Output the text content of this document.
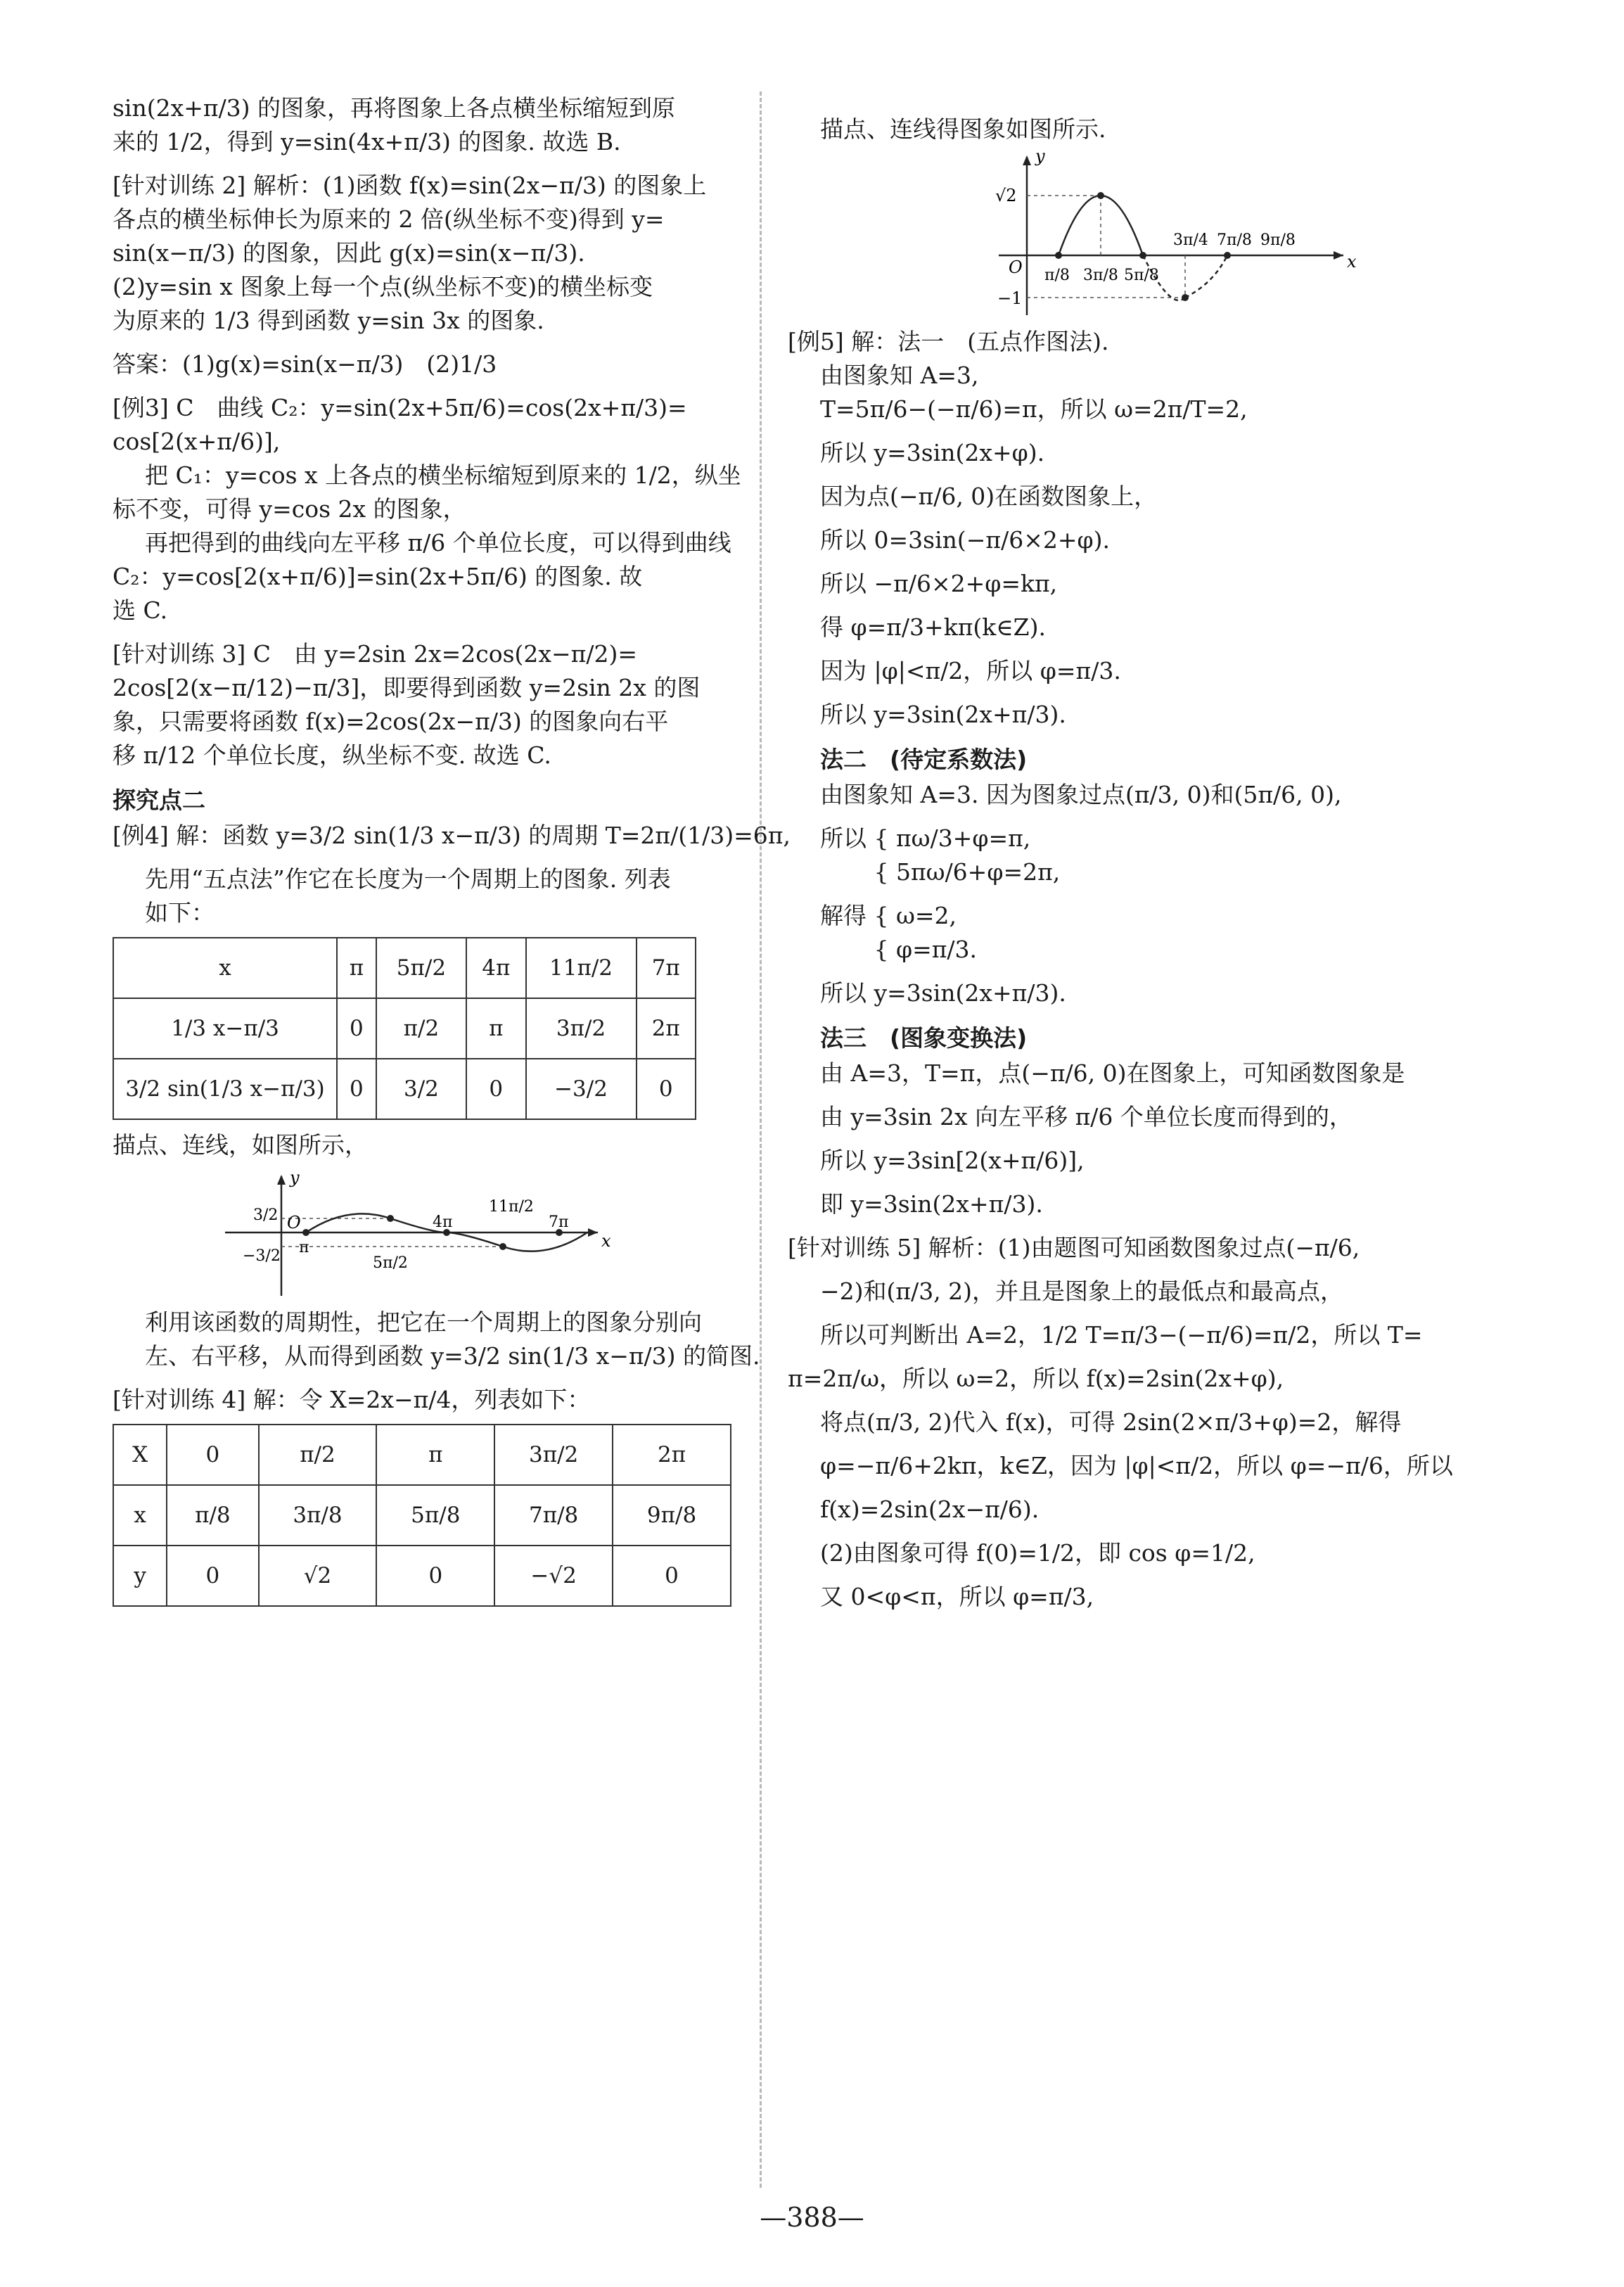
sin(2x+π/3) 的图象，再将图象上各点横坐标缩短到原

来的 1/2，得到 y=sin(4x+π/3) 的图象. 故选 B.

[针对训练 2] 解析：(1)函数 f(x)=sin(2x−π/3) 的图象上

各点的横坐标伸长为原来的 2 倍(纵坐标不变)得到 y=

sin(x−π/3) 的图象，因此 g(x)=sin(x−π/3).

(2)y=sin x 图象上每一个点(纵坐标不变)的横坐标变

为原来的 1/3 得到函数 y=sin 3x 的图象.

答案：(1)g(x)=sin(x−π/3)　(2)1/3

[例3] C　曲线 C₂：y=sin(2x+5π/6)=cos(2x+π/3)=

cos[2(x+π/6)],

把 C₁：y=cos x 上各点的横坐标缩短到原来的 1/2，纵坐

标不变，可得 y=cos 2x 的图象，

再把得到的曲线向左平移 π/6 个单位长度，可以得到曲线

C₂：y=cos[2(x+π/6)]=sin(2x+5π/6) 的图象. 故

选 C.

[针对训练 3] C　由 y=2sin 2x=2cos(2x−π/2)=

2cos[2(x−π/12)−π/3]，即要得到函数 y=2sin 2x 的图

象，只需要将函数 f(x)=2cos(2x−π/3) 的图象向右平

移 π/12 个单位长度，纵坐标不变. 故选 C.

探究点二

[例4] 解：函数 y=3/2 sin(1/3 x−π/3) 的周期 T=2π/(1/3)=6π,

先用“五点法”作它在长度为一个周期上的图象. 列表

如下：

x	π	5π/2	4π	11π/2	7π
1/3 x−π/3	0	π/2	π	3π/2	2π
3/2 sin(1/3 x−π/3)	0	3/2	0	−3/2	0

描点、连线，如图所示，

y
x
O
3/2
−3/2 π
5π/2
4π
11π/2
7π

利用该函数的周期性，把它在一个周期上的图象分别向

左、右平移，从而得到函数 y=3/2 sin(1/3 x−π/3) 的简图.

[针对训练 4] 解：令 X=2x−π/4，列表如下：

X	0	π/2	π	3π/2	2π
x	π/8	3π/8	5π/8	7π/8	9π/8
y	0	√2	0	−√2	0

描点、连线得图象如图所示.

y
x
O
√2
−1
π/8 3π/8 5π/8
3π/4 7π/8 9π/8

[例5] 解：法一　(五点作图法).

由图象知 A=3,

T=5π/6−(−π/6)=π，所以 ω=2π/T=2,

所以 y=3sin(2x+φ).

因为点(−π/6, 0)在函数图象上，

所以 0=3sin(−π/6×2+φ).

所以 −π/6×2+φ=kπ,

得 φ=π/3+kπ(k∈Z).

因为 |φ|<π/2，所以 φ=π/3.

所以 y=3sin(2x+π/3).

法二　(待定系数法)

由图象知 A=3. 因为图象过点(π/3, 0)和(5π/6, 0),

所以 { πω/3+φ=π,

　　 { 5πω/6+φ=2π,

解得 { ω=2,

　　 { φ=π/3.

所以 y=3sin(2x+π/3).

法三　(图象变换法)

由 A=3，T=π，点(−π/6, 0)在图象上，可知函数图象是

由 y=3sin 2x 向左平移 π/6 个单位长度而得到的，

所以 y=3sin[2(x+π/6)],

即 y=3sin(2x+π/3).

[针对训练 5] 解析：(1)由题图可知函数图象过点(−π/6,

−2)和(π/3, 2)，并且是图象上的最低点和最高点，

所以可判断出 A=2，1/2 T=π/3−(−π/6)=π/2，所以 T=

π=2π/ω，所以 ω=2，所以 f(x)=2sin(2x+φ),

将点(π/3, 2)代入 f(x)，可得 2sin(2×π/3+φ)=2，解得

φ=−π/6+2kπ，k∈Z，因为 |φ|<π/2，所以 φ=−π/6，所以

f(x)=2sin(2x−π/6).

(2)由图象可得 f(0)=1/2，即 cos φ=1/2,

又 0<φ<π，所以 φ=π/3,

—388—
